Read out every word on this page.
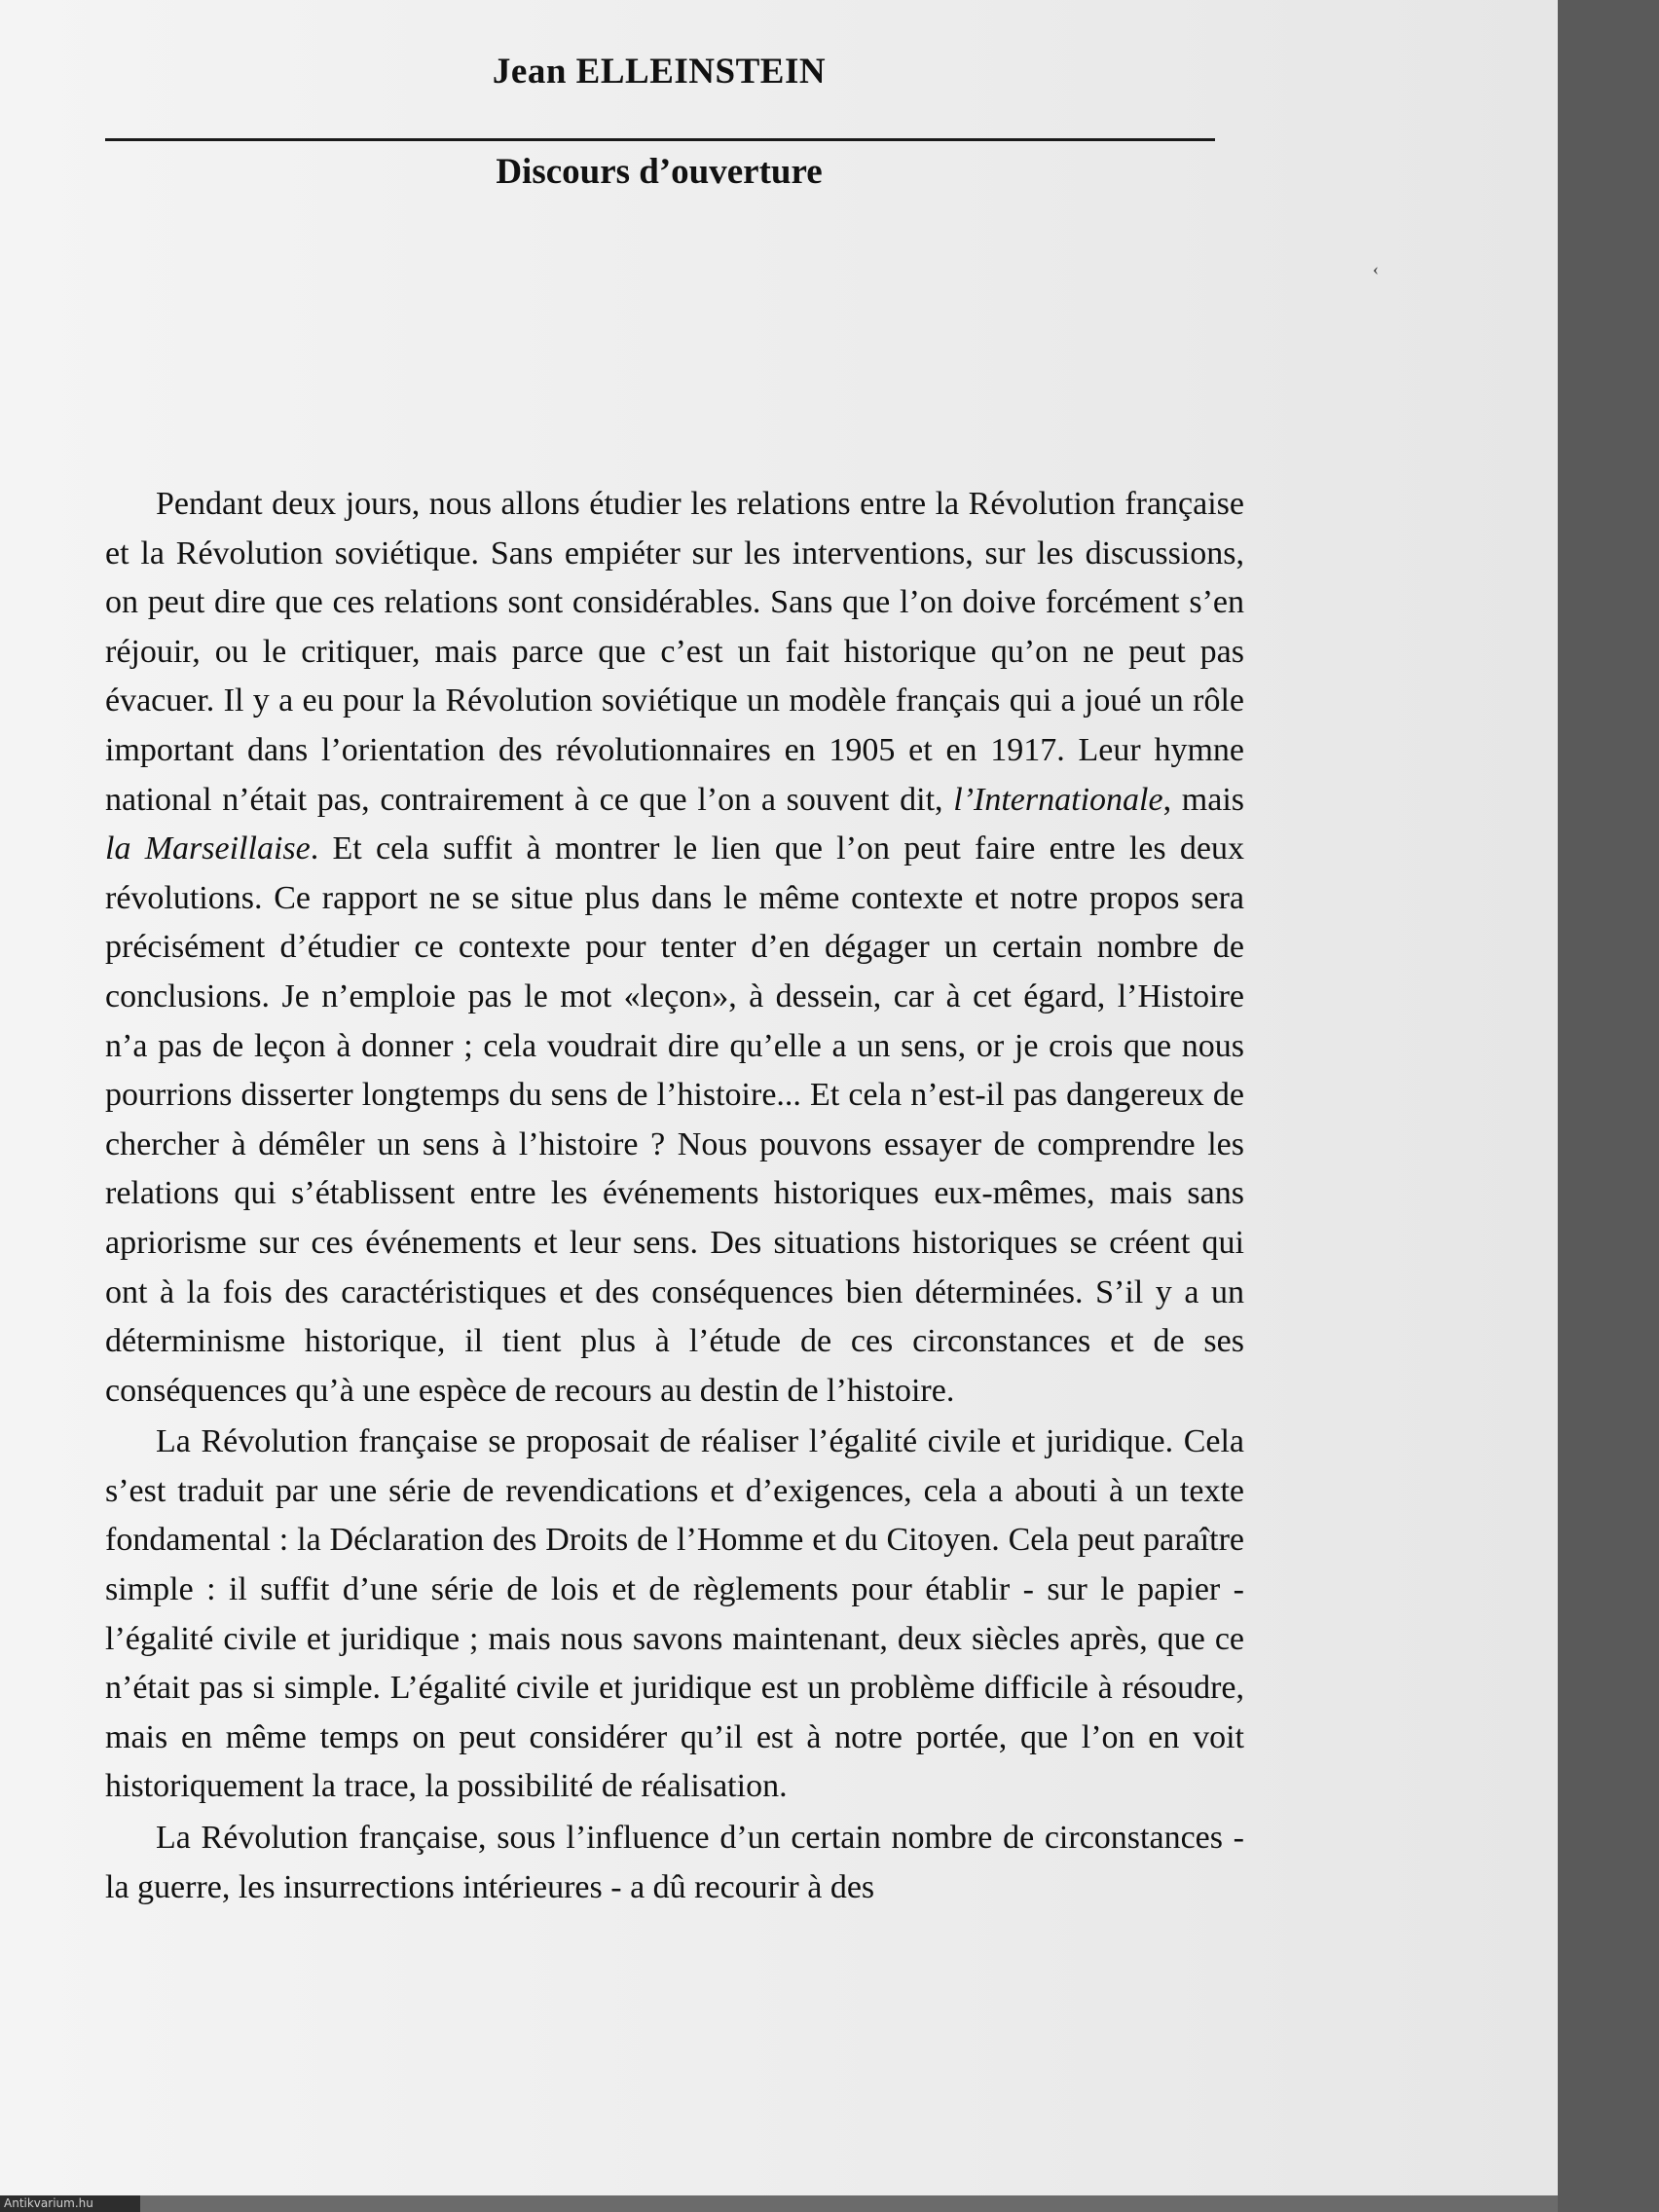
‹
Jean ELLEINSTEIN
Discours d’ouverture

Pendant deux jours, nous allons étudier les relations entre la Révolution française et la Révolution soviétique. Sans empiéter sur les interventions, sur les discussions, on peut dire que ces relations sont considérables. Sans que l’on doive forcément s’en réjouir, ou le critiquer, mais parce que c’est un fait historique qu’on ne peut pas évacuer. Il y a eu pour la Révolution soviétique un modèle français qui a joué un rôle important dans l’orientation des révolutionnaires en 1905 et en 1917. Leur hymne national n’était pas, contrairement à ce que l’on a souvent dit, l’Internationale, mais la Marseillaise. Et cela suffit à montrer le lien que l’on peut faire entre les deux révolutions. Ce rapport ne se situe plus dans le même contexte et notre propos sera précisément d’étudier ce contexte pour tenter d’en dégager un certain nombre de conclusions. Je n’emploie pas le mot «leçon», à dessein, car à cet égard, l’Histoire n’a pas de leçon à donner ; cela voudrait dire qu’elle a un sens, or je crois que nous pourrions disserter longtemps du sens de l’histoire... Et cela n’est-il pas dangereux de chercher à démêler un sens à l’histoire ? Nous pouvons essayer de comprendre les relations qui s’établissent entre les événements historiques eux-mêmes, mais sans apriorisme sur ces événements et leur sens. Des situations historiques se créent qui ont à la fois des caractéristiques et des conséquences bien déterminées. S’il y a un déterminisme historique, il tient plus à l’étude de ces circonstances et de ses conséquences qu’à une espèce de recours au destin de l’histoire.

La Révolution française se proposait de réaliser l’égalité civile et juridique. Cela s’est traduit par une série de revendications et d’exigences, cela a abouti à un texte fondamental : la Déclaration des Droits de l’Homme et du Citoyen. Cela peut paraître simple : il suffit d’une série de lois et de règlements pour établir - sur le papier - l’égalité civile et juridique ; mais nous savons maintenant, deux siècles après, que ce n’était pas si simple. L’égalité civile et juridique est un problème difficile à résoudre, mais en même temps on peut considérer qu’il est à notre portée, que l’on en voit historiquement la trace, la possibilité de réalisation.

La Révolution française, sous l’influence d’un certain nombre de circonstances - la guerre, les insurrections intérieures - a dû recourir à des

Antikvarium.hu
